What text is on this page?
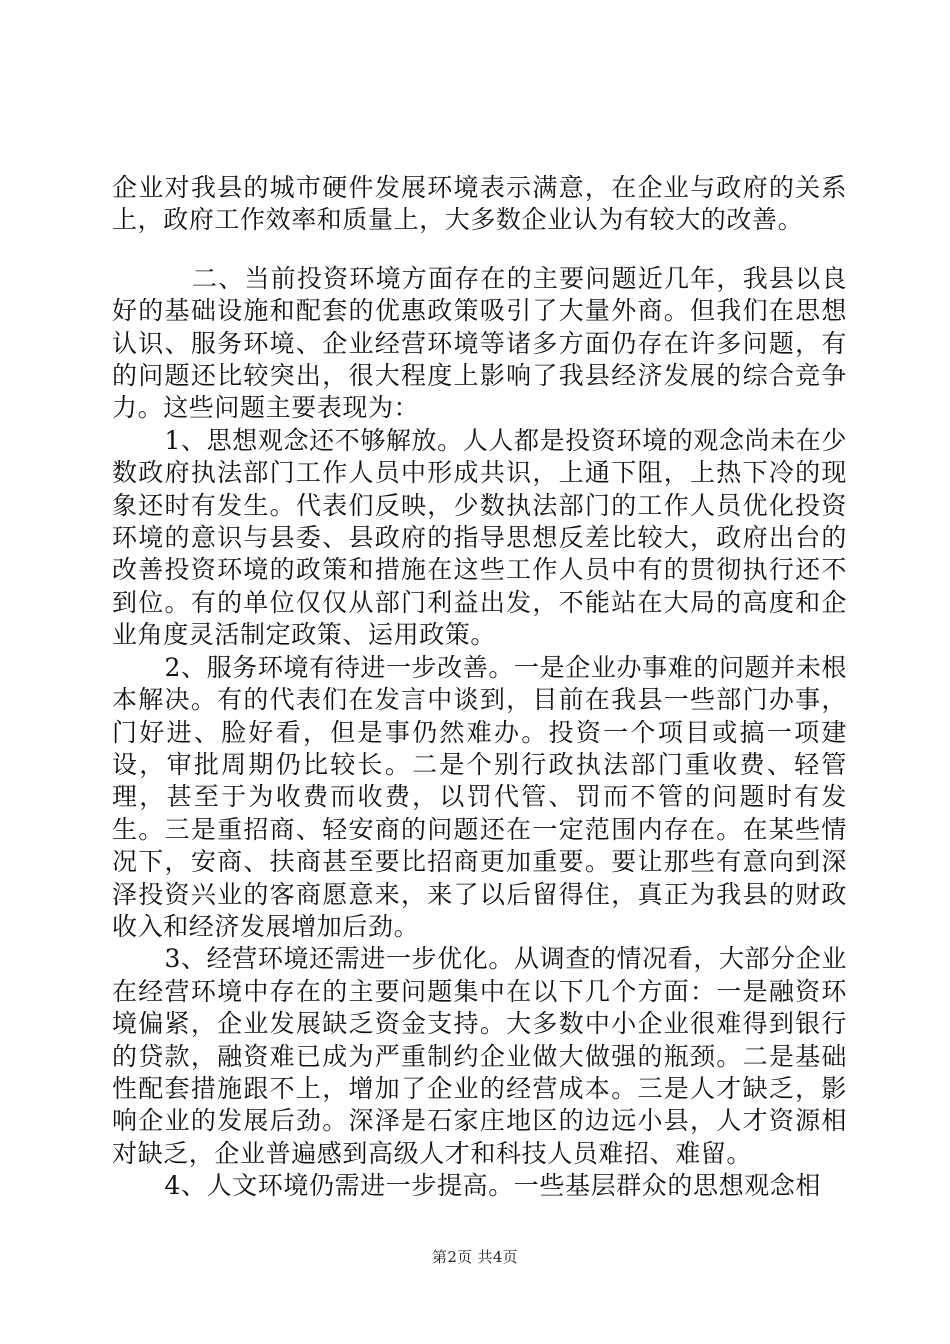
企业对我县的城市硬件发展环境表示满意，在企业与政府的关系上，政府工作效率和质量上，大多数企业认为有较大的改善。

二、当前投资环境方面存在的主要问题近几年，我县以良好的基础设施和配套的优惠政策吸引了大量外商。但我们在思想认识、服务环境、企业经营环境等诸多方面仍存在许多问题，有的问题还比较突出，很大程度上影响了我县经济发展的综合竞争力。这些问题主要表现为：

1、思想观念还不够解放。人人都是投资环境的观念尚未在少数政府执法部门工作人员中形成共识，上通下阻，上热下冷的现象还时有发生。代表们反映，少数执法部门的工作人员优化投资环境的意识与县委、县政府的指导思想反差比较大，政府出台的改善投资环境的政策和措施在这些工作人员中有的贯彻执行还不到位。有的单位仅仅从部门利益出发，不能站在大局的高度和企业角度灵活制定政策、运用政策。

2、服务环境有待进一步改善。一是企业办事难的问题并未根本解决。有的代表们在发言中谈到，目前在我县一些部门办事，门好进、脸好看，但是事仍然难办。投资一个项目或搞一项建设，审批周期仍比较长。二是个别行政执法部门重收费、轻管理，甚至于为收费而收费，以罚代管、罚而不管的问题时有发生。三是重招商、轻安商的问题还在一定范围内存在。在某些情况下，安商、扶商甚至要比招商更加重要。要让那些有意向到深泽投资兴业的客商愿意来，来了以后留得住，真正为我县的财政收入和经济发展增加后劲。

3、经营环境还需进一步优化。从调查的情况看，大部分企业在经营环境中存在的主要问题集中在以下几个方面：一是融资环境偏紧，企业发展缺乏资金支持。大多数中小企业很难得到银行的贷款，融资难已成为严重制约企业做大做强的瓶颈。二是基础性配套措施跟不上，增加了企业的经营成本。三是人才缺乏，影响企业的发展后劲。深泽是石家庄地区的边远小县，人才资源相对缺乏，企业普遍感到高级人才和科技人员难招、难留。

4、人文环境仍需进一步提高。一些基层群众的思想观念相

第2页 共4页
